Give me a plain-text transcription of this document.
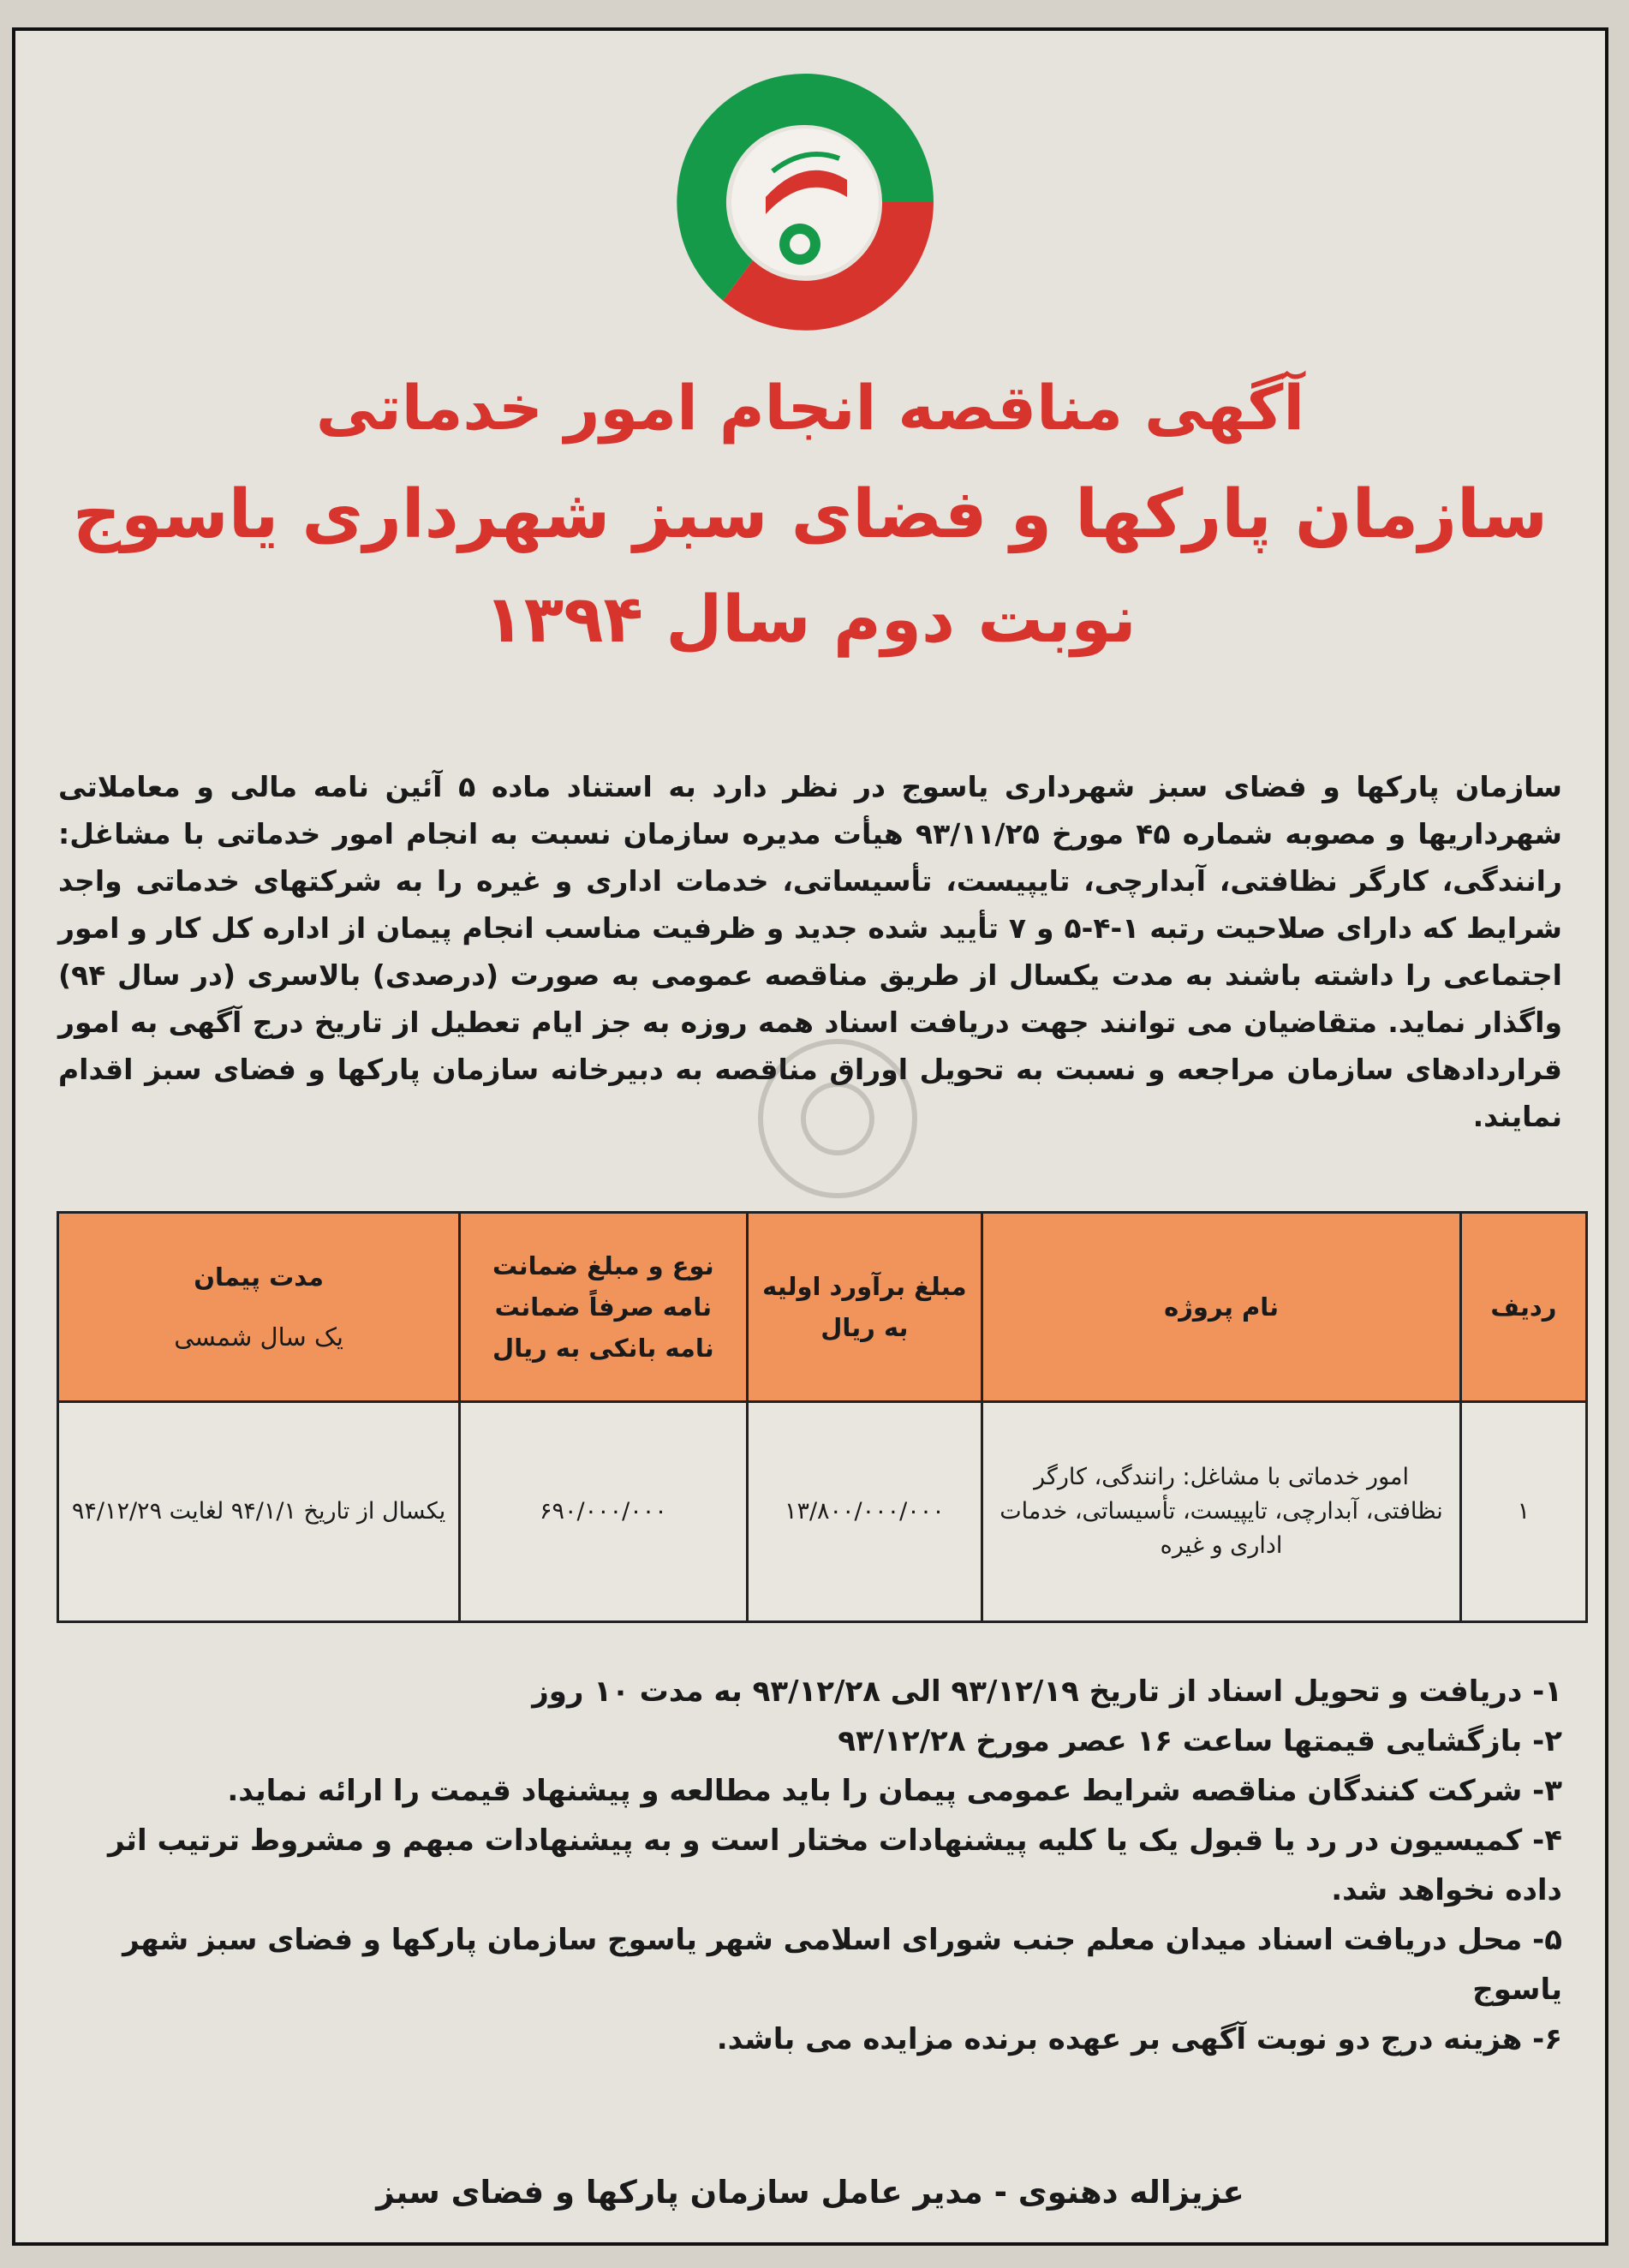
آگهی مناقصه انجام امور خدماتی
سازمان پارکها و فضای سبز شهرداری یاسوج
نوبت دوم سال ۱۳۹۴

سازمان پارکها و فضای سبز شهرداری یاسوج در نظر دارد به استناد ماده ۵ آئین نامه مالی و معاملاتی شهرداریها و مصوبه شماره ۴۵ مورخ ۹۳/۱۱/۲۵ هیأت مدیره سازمان نسبت به انجام امور خدماتی با مشاغل: رانندگی، کارگر نظافتی، آبدارچی، تایپیست، تأسیساتی، خدمات اداری و غیره را به شرکتهای خدماتی واجد شرایط که دارای صلاحیت رتبه ۱-۴-۵ و ۷ تأیید شده جدید و ظرفیت مناسب انجام پیمان از اداره کل کار و امور اجتماعی را داشته باشند به مدت یکسال از طریق مناقصه عمومی به صورت (درصدی) بالاسری (در سال ۹۴) واگذار نماید. متقاضیان می توانند جهت دریافت اسناد همه روزه به جز ایام تعطیل از تاریخ درج آگهی به امور قراردادهای سازمان مراجعه و نسبت به تحویل اوراق مناقصه به دبیرخانه سازمان پارکها و فضای سبز اقدام نمایند.

ردیف	نام پروژه	مبلغ برآورد اولیه به ریال	نوع و مبلغ ضمانت نامه صرفاً ضمانت نامه بانکی به ریال	مدت پیمان
یک سال شمسی

۱	امور خدماتی با مشاغل: رانندگی، کارگر نظافتی، آبدارچی، تایپیست، تأسیساتی، خدمات اداری و غیره	۱۳/۸۰۰/۰۰۰/۰۰۰	۶۹۰/۰۰۰/۰۰۰	یکسال از تاریخ ۹۴/۱/۱ لغایت ۹۴/۱۲/۲۹
۱- دریافت و تحویل اسناد از تاریخ ۹۳/۱۲/۱۹ الی ۹۳/۱۲/۲۸ به مدت ۱۰ روز
۲- بازگشایی قیمتها ساعت ۱۶ عصر مورخ ۹۳/۱۲/۲۸
۳- شرکت کنندگان مناقصه شرایط عمومی پیمان را باید مطالعه و پیشنهاد قیمت را ارائه نماید.
۴- کمیسیون در رد یا قبول یک یا کلیه پیشنهادات مختار است و به پیشنهادات مبهم و مشروط ترتیب اثر داده نخواهد شد.
۵- محل دریافت اسناد میدان معلم جنب شورای اسلامی شهر یاسوج سازمان پارکها و فضای سبز شهر یاسوج
۶- هزینه درج دو نوبت آگهی بر عهده برنده مزایده می باشد.
عزیزاله دهنوی - مدیر عامل سازمان پارکها و فضای سبز
